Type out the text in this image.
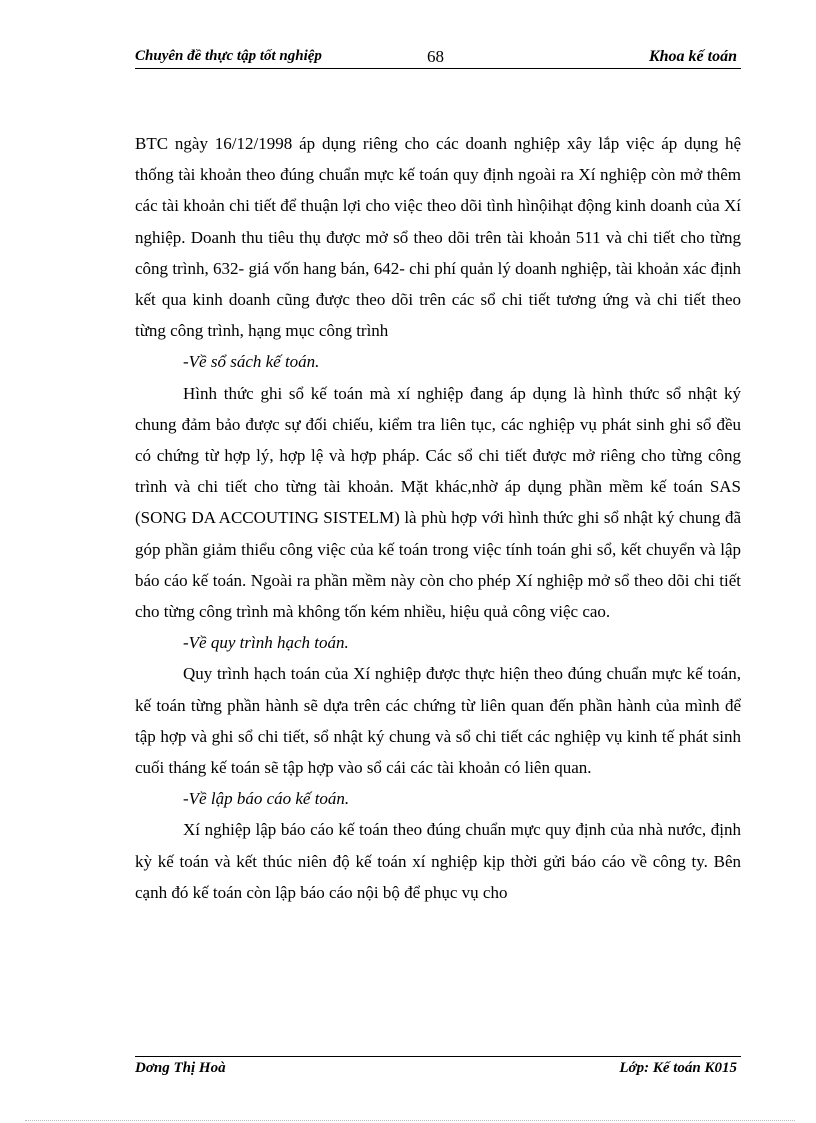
Chuyên đề thực tập tốt nghiệp	68	Khoa kế toán

BTC ngày 16/12/1998 áp dụng riêng cho các doanh nghiệp xây lắp việc áp dụng hệ thống tài khoản theo đúng chuẩn mực kế toán quy định ngoài ra Xí nghiệp còn mở thêm các tài khoản chi tiết để thuận lợi cho việc theo dõi tình hìnộihạt động kinh doanh của Xí nghiệp. Doanh thu tiêu thụ được mở sổ theo dõi trên tài khoản 511 và chi tiết cho từng công trình, 632- giá vốn hang bán, 642- chi phí quản lý doanh nghiệp, tài khoản xác định kết qua kinh doanh cũng được theo dõi trên các sổ chi tiết tương ứng và chi tiết theo từng công trình, hạng mục công trình

-Về sổ sách kế toán.

Hình thức ghi sổ kế toán mà xí nghiệp đang áp dụng là hình thức sổ nhật ký chung đảm bảo được sự đối chiếu, kiểm tra liên tục, các nghiệp vụ phát sinh ghi sổ đều có chứng từ hợp lý, hợp lệ và hợp pháp. Các sổ chi tiết được mở riêng cho từng công trình và chi tiết cho từng tài khoản. Mặt khác,nhờ áp dụng phần mềm kế toán SAS (SONG DA ACCOUTING SISTELM) là phù hợp với hình thức ghi sổ nhật ký chung đã góp phần giảm thiểu công việc của kế toán trong việc tính toán ghi sổ, kết chuyển và lập báo cáo kế toán. Ngoài ra phần mềm này còn cho phép Xí nghiệp mở sổ theo dõi chi tiết cho từng công trình mà không tốn kém nhiều, hiệu quả công việc cao.

-Về quy trình hạch toán.

Quy trình hạch toán của Xí nghiệp được thực hiện theo đúng chuẩn mực kế toán, kế toán từng phần hành sẽ dựa trên các chứng từ liên quan đến phần hành của mình để tập hợp và ghi sổ chi tiết, sổ nhật ký chung và sổ chi tiết các nghiệp vụ kinh tế phát sinh cuối tháng kế toán sẽ tập hợp vào sổ cái các tài khoản có liên quan.

-Về lập báo cáo kế toán.

Xí nghiệp lập báo cáo kế toán theo đúng chuẩn mực quy định của nhà nước, định kỳ kế toán và kết thúc niên độ kế toán xí nghiệp kịp thời gửi báo cáo về công ty. Bên cạnh đó kế toán còn lập báo cáo nội bộ để phục vụ cho

Dơng Thị Hoà	Lớp: Kế toán K015
